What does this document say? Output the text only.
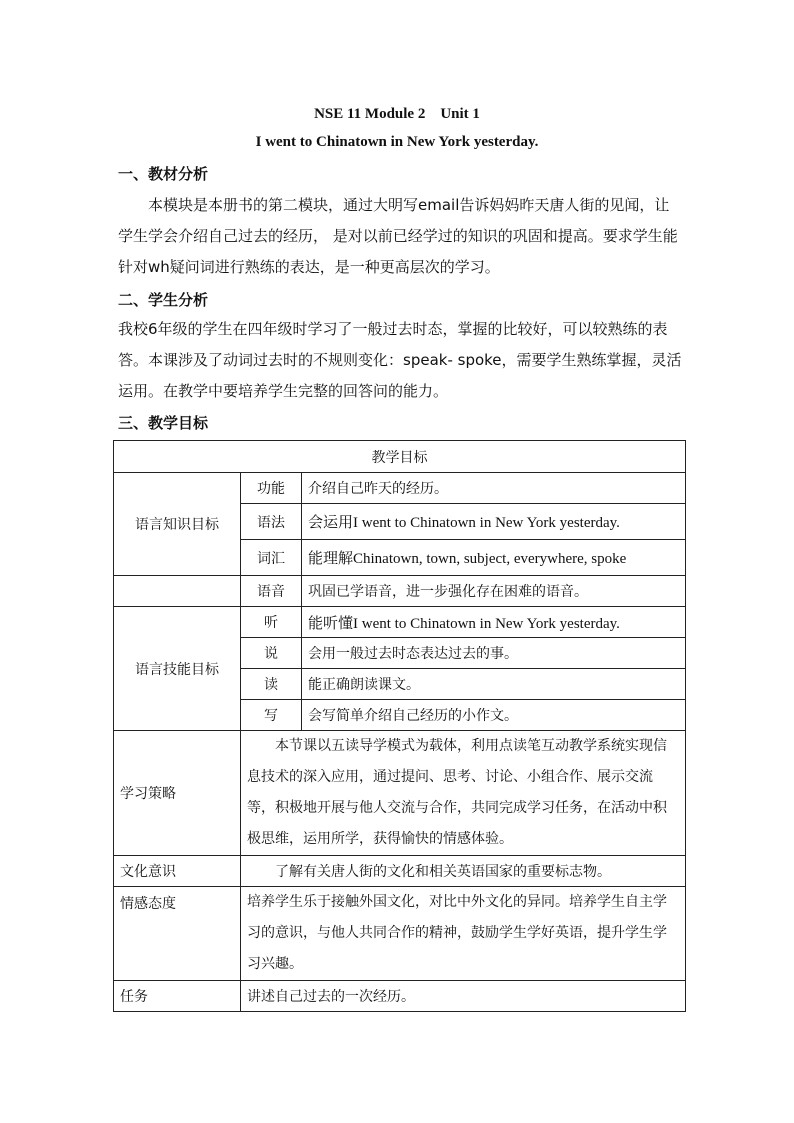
NSE 11 Module 2　Unit 1
I went to Chinatown in New York yesterday.
一、教材分析
本模块是本册书的第二模块，通过大明写email告诉妈妈昨天唐人街的见闻，让学生学会介绍自己过去的经历， 是对以前已经学过的知识的巩固和提高。要求学生能针对wh疑问词进行熟练的表达，是一种更高层次的学习。
二、学生分析
我校6年级的学生在四年级时学习了一般过去时态，掌握的比较好，可以较熟练的表答。本课涉及了动词过去时的不规则变化：speak- spoke，需要学生熟练掌握，灵活运用。在教学中要培养学生完整的回答问的能力。
三、教学目标
教学目标		
语言知识目标	功能	介绍自己昨天的经历。
	语法	会运用I went to Chinatown in New York yesterday.
	词汇	能理解Chinatown, town, subject, everywhere, spoke
	语音	巩固已学语音，进一步强化存在困难的语音。
语言技能目标	听	能听懂I went to Chinatown in New York yesterday.
	说	会用一般过去时态表达过去的事。
	读	能正确朗读课文。
	写	会写简单介绍自己经历的小作文。
学习策略	本节课以五读导学模式为载体，利用点读笔互动教学系统实现信息技术的深入应用，通过提问、思考、讨论、小组合作、展示交流等，积极地开展与他人交流与合作，共同完成学习任务，在活动中积极思维，运用所学，获得愉快的情感体验。	
文化意识	了解有关唐人街的文化和相关英语国家的重要标志物。	
情感态度	培养学生乐于接触外国文化，对比中外文化的异同。培养学生自主学习的意识，与他人共同合作的精神，鼓励学生学好英语，提升学生学习兴趣。	
任务	讲述自己过去的一次经历。	
